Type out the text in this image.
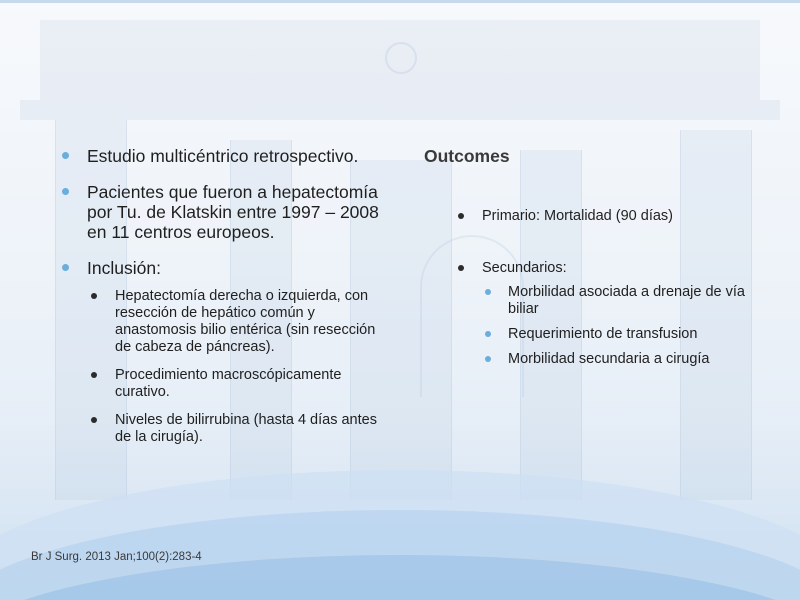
Estudio multicéntrico retrospectivo.
Pacientes que fueron a hepatectomía por Tu. de Klatskin entre 1997 – 2008 en 11 centros europeos.
Inclusión:
Hepatectomía derecha o izquierda, con resección de hepático común y anastomosis bilio entérica (sin resección de cabeza de páncreas).
Procedimiento macroscópicamente curativo.
Niveles de bilirrubina (hasta 4 días antes de la cirugía).
Outcomes
Primario: Mortalidad (90 días)
Secundarios:
Morbilidad asociada a drenaje de vía biliar
Requerimiento de transfusion
Morbilidad secundaria a cirugía
Br J Surg. 2013 Jan;100(2):283-4
